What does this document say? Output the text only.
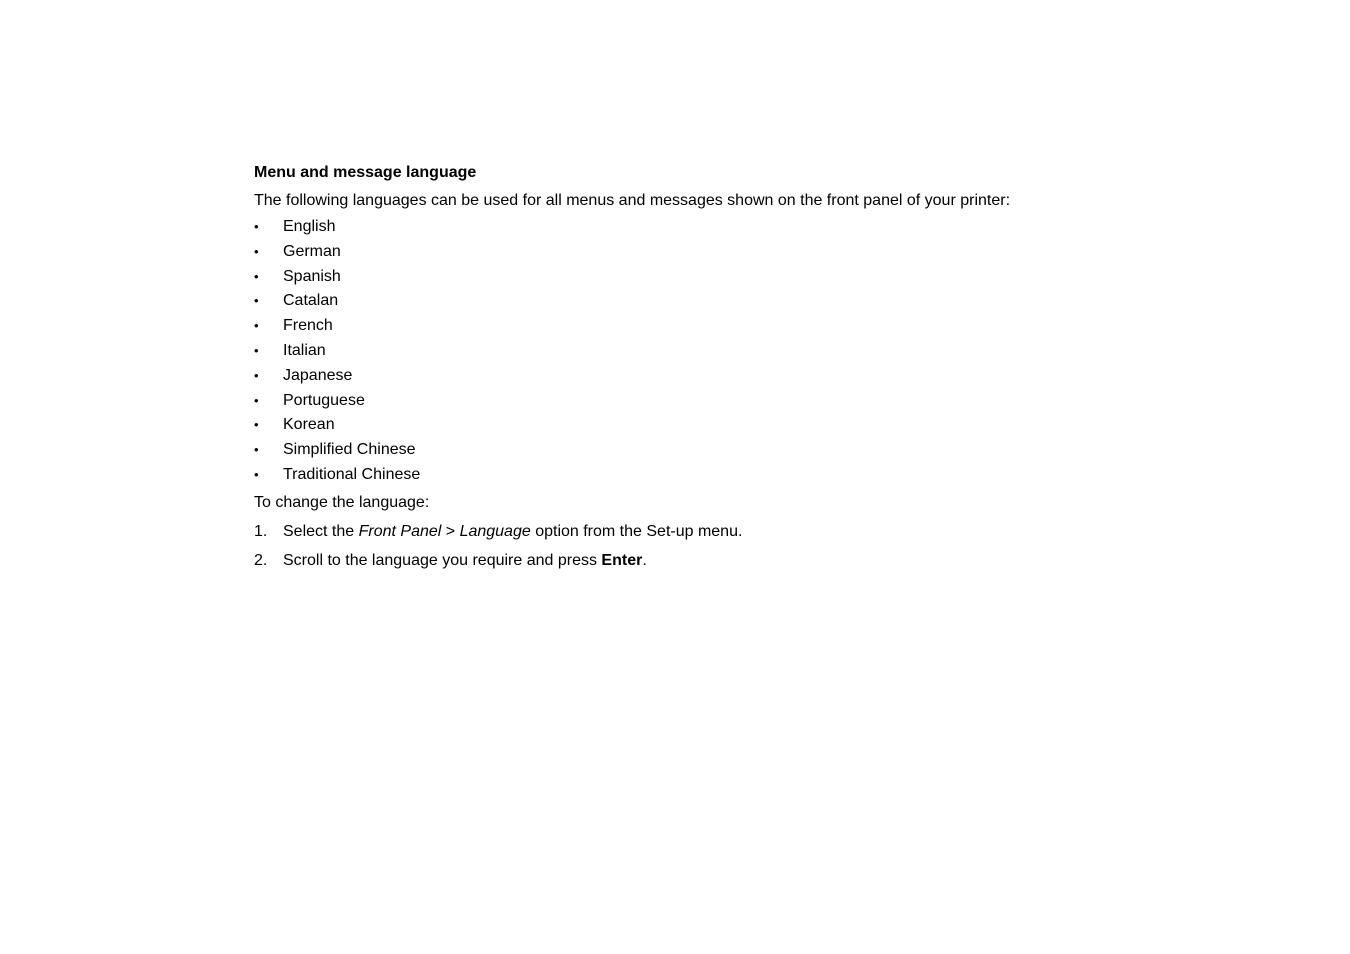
Menu and message language
The following languages can be used for all menus and messages shown on the front panel of your printer:
• English
• German
• Spanish
• Catalan
• French
• Italian
• Japanese
• Portuguese
• Korean
• Simplified Chinese
• Traditional Chinese
To change the language:
1. Select the Front Panel > Language option from the Set-up menu.
2. Scroll to the language you require and press Enter.
